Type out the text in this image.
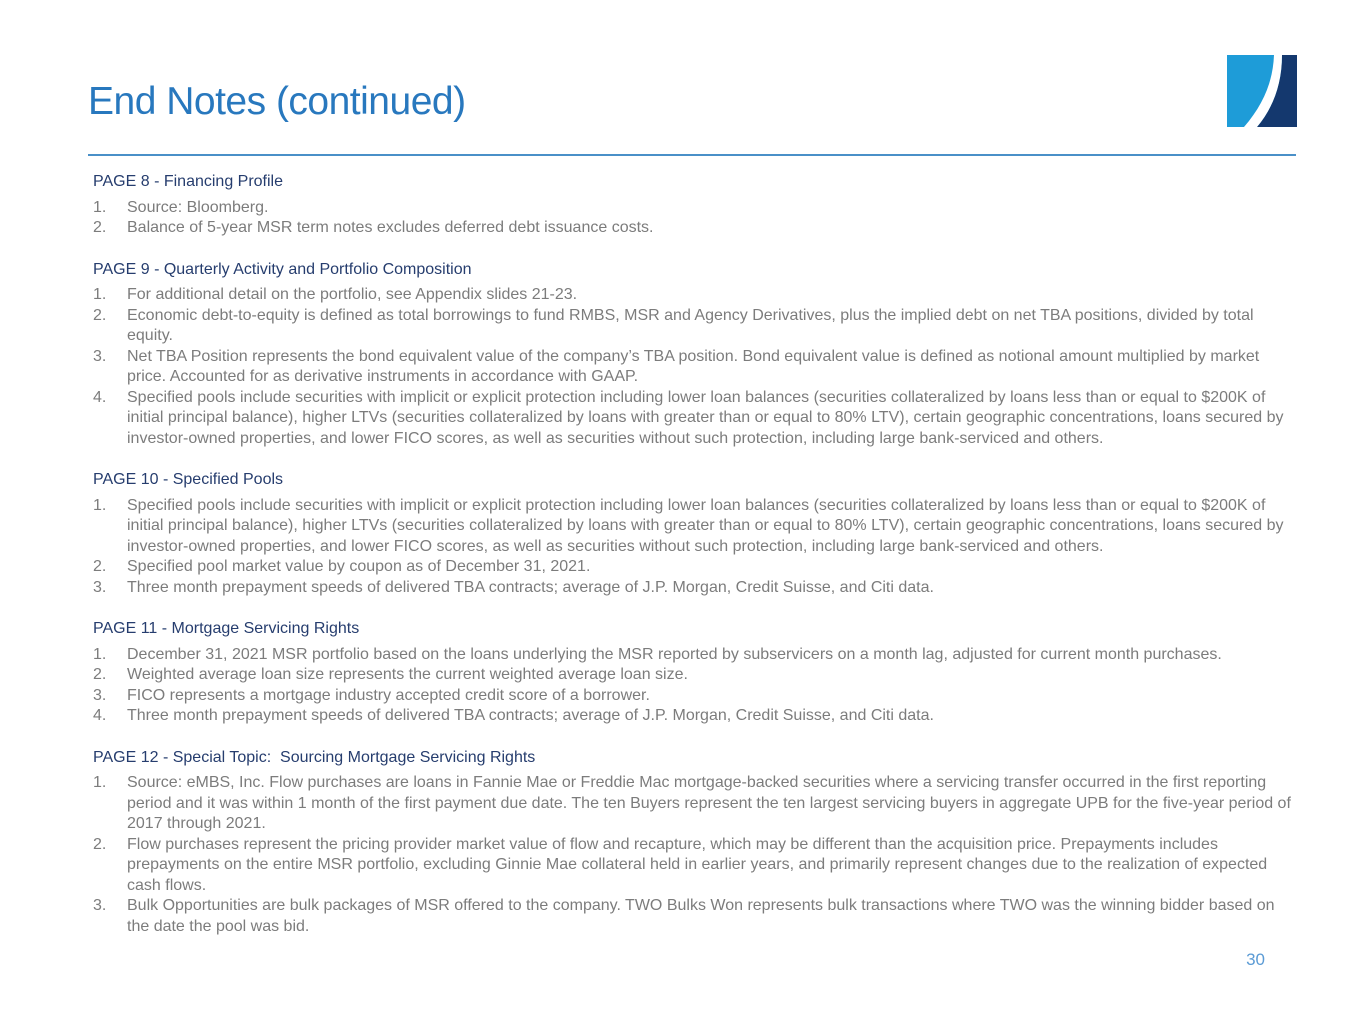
End Notes (continued)
PAGE 8 - Financing Profile
1.	Source: Bloomberg.
2.	Balance of 5-year MSR term notes excludes deferred debt issuance costs.
PAGE 9 - Quarterly Activity and Portfolio Composition
1.	For additional detail on the portfolio, see Appendix slides 21-23.
2.	Economic debt-to-equity is defined as total borrowings to fund RMBS, MSR and Agency Derivatives, plus the implied debt on net TBA positions, divided by total equity.
3.	Net TBA Position represents the bond equivalent value of the company’s TBA position. Bond equivalent value is defined as notional amount multiplied by market price. Accounted for as derivative instruments in accordance with GAAP.
4.	Specified pools include securities with implicit or explicit protection including lower loan balances (securities collateralized by loans less than or equal to $200K of initial principal balance), higher LTVs (securities collateralized by loans with greater than or equal to 80% LTV), certain geographic concentrations, loans secured by investor-owned properties, and lower FICO scores, as well as securities without such protection, including large bank-serviced and others.
PAGE 10 - Specified Pools
1.	Specified pools include securities with implicit or explicit protection including lower loan balances (securities collateralized by loans less than or equal to $200K of initial principal balance), higher LTVs (securities collateralized by loans with greater than or equal to 80% LTV), certain geographic concentrations, loans secured by investor-owned properties, and lower FICO scores, as well as securities without such protection, including large bank-serviced and others.
2.	Specified pool market value by coupon as of December 31, 2021.
3.	Three month prepayment speeds of delivered TBA contracts; average of J.P. Morgan, Credit Suisse, and Citi data.
PAGE 11 - Mortgage Servicing Rights
1.	December 31, 2021 MSR portfolio based on the loans underlying the MSR reported by subservicers on a month lag, adjusted for current month purchases.
2.	Weighted average loan size represents the current weighted average loan size.
3.	FICO represents a mortgage industry accepted credit score of a borrower.
4.	Three month prepayment speeds of delivered TBA contracts; average of J.P. Morgan, Credit Suisse, and Citi data.
PAGE 12 - Special Topic:  Sourcing Mortgage Servicing Rights
1.	Source: eMBS, Inc. Flow purchases are loans in Fannie Mae or Freddie Mac mortgage-backed securities where a servicing transfer occurred in the first reporting period and it was within 1 month of the first payment due date. The ten Buyers represent the ten largest servicing buyers in aggregate UPB for the five-year period of 2017 through 2021.
2.	Flow purchases represent the pricing provider market value of flow and recapture, which may be different than the acquisition price. Prepayments includes prepayments on the entire MSR portfolio, excluding Ginnie Mae collateral held in earlier years, and primarily represent changes due to the realization of expected cash flows.
3.	Bulk Opportunities are bulk packages of MSR offered to the company. TWO Bulks Won represents bulk transactions where TWO was the winning bidder based on the date the pool was bid.
30
